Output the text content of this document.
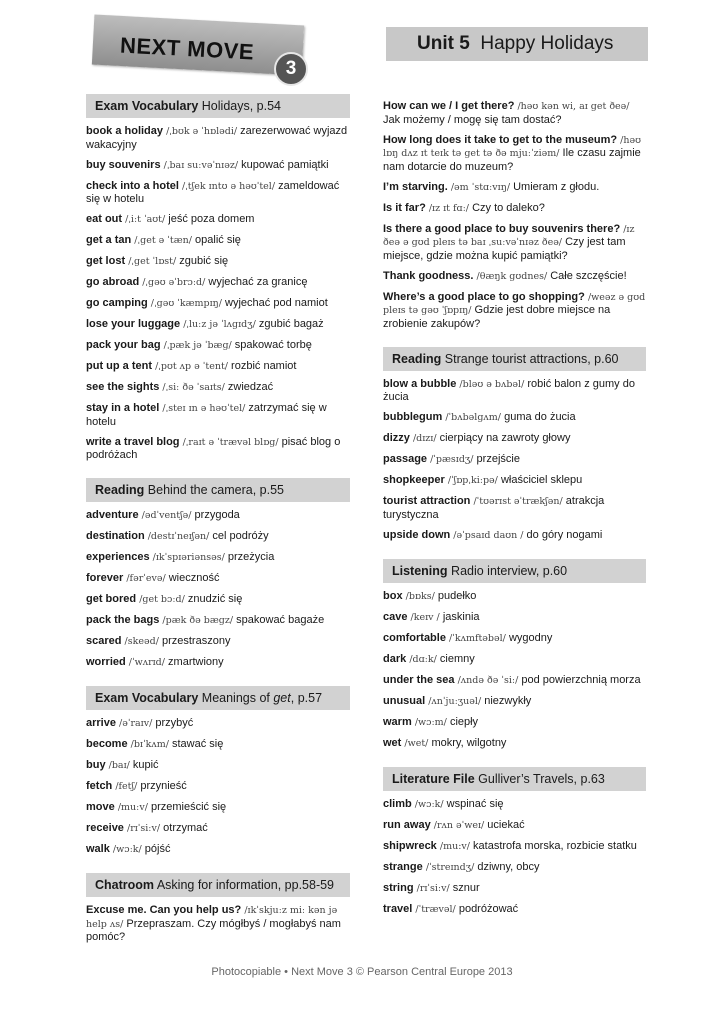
NEXT MOVE
3
Unit 5 Happy Holidays
Exam Vocabulary Holidays, p.54
book a holiday /ˌbʊk ə ˈhɒlədi/ zarezerwować wyjazd wakacyjny
buy souvenirs /ˌbaɪ suːvəˈnɪəz/ kupować pamiątki
check into a hotel /ˌtʃek ɪntʊ ə həʊˈtel/ zameldować się w hotelu
eat out /ˌiːt ˈaʊt/ jeść poza domem
get a tan /ˌget ə ˈtæn/ opalić się
get lost /ˌget ˈlɒst/ zgubić się
go abroad /ˌgəʊ əˈbrɔːd/ wyjechać za granicę
go camping /ˌgəʊ ˈkæmpɪŋ/ wyjechać pod namiot
lose your luggage /ˌluːz jə ˈlʌgɪdʒ/ zgubić bagaż
pack your bag /ˌpæk jə ˈbæg/ spakować torbę
put up a tent /ˌpʊt ʌp ə ˈtent/ rozbić namiot
see the sights /ˌsiː ðə ˈsaɪts/ zwiedzać
stay in a hotel /ˌsteɪ ɪn ə həʊˈtel/ zatrzymać się w hotelu
write a travel blog /ˌraɪt ə ˈtrævəl blɒg/ pisać blog o podróżach
Reading Behind the camera, p.55
adventure /ədˈventʃə/ przygoda
destination /destɪˈneɪʃən/ cel podróży
experiences /ɪkˈspɪəriənsəs/ przeżycia
forever /fərˈevə/ wieczność
get bored /get bɔːd/ znudzić się
pack the bags /pæk ðə bægz/ spakować bagaże
scared /skeəd/ przestraszony
worried /ˈwʌrɪd/ zmartwiony
Exam Vocabulary Meanings of get, p.57
arrive /əˈraɪv/ przybyć
become /bɪˈkʌm/ stawać się
buy /baɪ/ kupić
fetch /fetʃ/ przynieść
move /muːv/ przemieścić się
receive /rɪˈsiːv/ otrzymać
walk /wɔːk/ pójść
Chatroom Asking for information, pp.58-59
Excuse me. Can you help us? /ɪkˈskjuːz miː kən jə help ʌs/ Przepraszam. Czy mógłbyś / mogłabyś nam pomóc?
How can we / I get there? /həʊ kən wi, aɪ get ðeə/ Jak możemy / mogę się tam dostać?
How long does it take to get to the museum? /həʊ lɒŋ dʌz ɪt teɪk tə get tə ðə mjuːˈziəm/ Ile czasu zajmie nam dotarcie do muzeum?
I’m starving. /əm ˈstɑːvɪŋ/ Umieram z głodu.
Is it far? /ɪz ɪt fɑː/ Czy to daleko?
Is there a good place to buy souvenirs there? /ɪz ðeə ə gʊd pleɪs tə baɪ ˌsuːvəˈnɪəz ðeə/ Czy jest tam miejsce, gdzie można kupić pamiątki?
Thank goodness. /θæŋk gʊdnes/ Całe szczęście!
Where’s a good place to go shopping? /weəz ə gʊd pleɪs tə gəʊ ˈʃɒpɪŋ/ Gdzie jest dobre miejsce na zrobienie zakupów?
Reading Strange tourist attractions, p.60
blow a bubble /bləʊ ə bʌbəl/ robić balon z gumy do żucia
bubblegum /ˈbʌbəlgʌm/ guma do żucia
dizzy /dɪzɪ/ cierpiący na zawroty głowy
passage /ˈpæsɪdʒ/ przejście
shopkeeper /ˈʃɒpˌkiːpə/ właściciel sklepu
tourist attraction /ˈtʊərɪst əˈtrækʃən/ atrakcja turystyczna
upside down /əˈpsaɪd daʊn / do góry nogami
Listening Radio interview, p.60
box /bɒks/ pudełko
cave /keɪv / jaskinia
comfortable /ˈkʌmftəbəl/ wygodny
dark /dɑːk/ ciemny
under the sea /ʌndə ðə ˈsiː/ pod powierzchnią morza
unusual /ʌnˈjuːʒuəl/ niezwykły
warm /wɔːm/ ciepły
wet /wet/ mokry, wilgotny
Literature File Gulliver’s Travels, p.63
climb /wɔːk/ wspinać się
run away /rʌn əˈweɪ/ uciekać
shipwreck /mu:v/ katastrofa morska, rozbicie statku
strange /ˈstreɪndʒ/ dziwny, obcy
string /rɪˈsiːv/ sznur
travel /ˈtrævəl/ podróżować
Photocopiable • Next Move 3 © Pearson Central Europe 2013
